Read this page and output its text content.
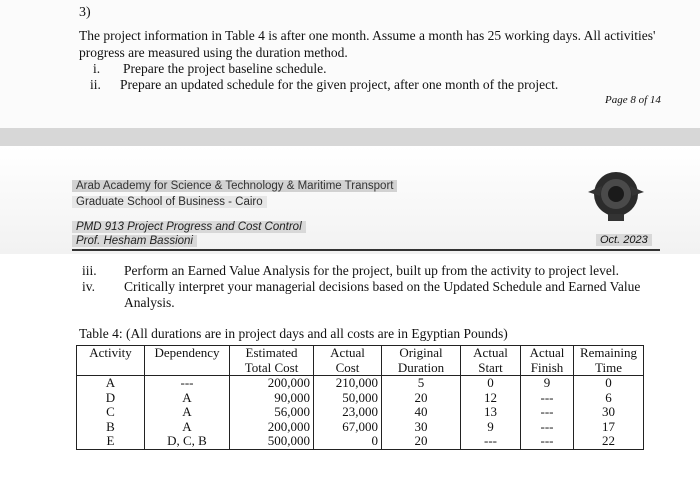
3)
The project information in Table 4 is after one month. Assume a month has 25 working days. All activities' progress are measured using the duration method.
i.	Prepare the project baseline schedule.
ii.	Prepare an updated schedule for the given project, after one month of the project.
Page 8 of 14
Arab Academy for Science & Technology & Maritime Transport
Graduate School of Business - Cairo
PMD 913 Project Progress and Cost Control
Prof. Hesham Bassioni	Oct. 2023
iii.	Perform an Earned Value Analysis for the project, built up from the activity to project level.
iv.	Critically interpret your managerial decisions based on the Updated Schedule and Earned Value Analysis.
Table 4: (All durations are in project days and all costs are in Egyptian Pounds)
Activity	Dependency	Estimated Total Cost	Actual Cost	Original Duration	Actual Start	Actual Finish	Remaining Time
A	---	200,000	210,000	5	0	9	0
D	A	90,000	50,000	20	12	---	6
C	A	56,000	23,000	40	13	---	30
B	A	200,000	67,000	30	9	---	17
E	D, C, B	500,000	0	20	---	---	22
